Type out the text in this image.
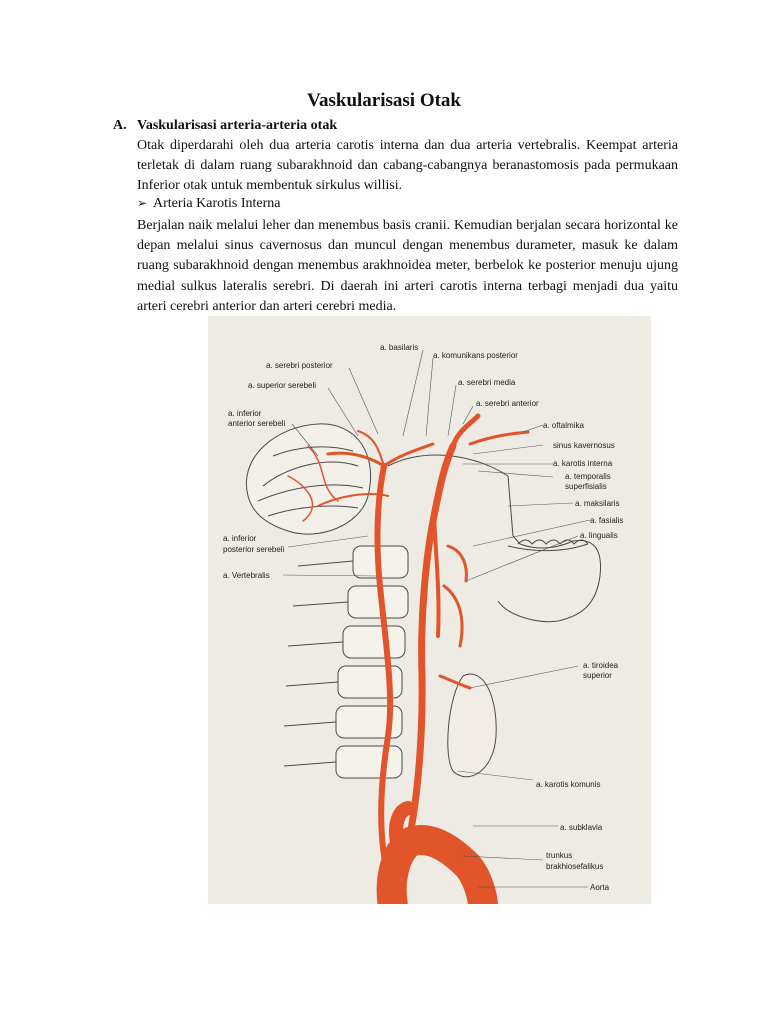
Vaskularisasi Otak
A. Vaskularisasi arteria-arteria otak
Otak diperdarahi oleh dua arteria carotis interna dan dua arteria vertebralis. Keempat arteria terletak di dalam ruang subarakhnoid dan cabang-cabangnya beranastomosis pada permukaan Inferior otak untuk membentuk sirkulus willisi.
➢ Arteria Karotis Interna
Berjalan naik melalui leher dan menembus basis cranii. Kemudian berjalan secara horizontal ke depan melalui sinus cavernosus dan muncul dengan menembus durameter, masuk ke dalam ruang subarakhnoid dengan menembus arakhnoidea meter, berbelok ke posterior menuju ujung medial sulkus lateralis serebri. Di daerah ini arteri carotis interna terbagi menjadi dua yaitu arteri cerebri anterior dan arteri cerebri media.
a. basilaris
a. komunikans posterior
a. serebri posterior
a. superior serebeli	a. serebri media
a. serebri anterior
a. inferior
anterior serebeli	a. oftalmika
sinus kavernosus
a. karotis interna
a. temporalis
superfisialis
a. maksilaris
a. fasialis
a. lingualis
a. inferior
posterior serebeli
a. Vertebralis
a. tiroidea
superior
a. karotis komunis
a. subklavia
trunkus
brakhiosefalikus
Aorta
